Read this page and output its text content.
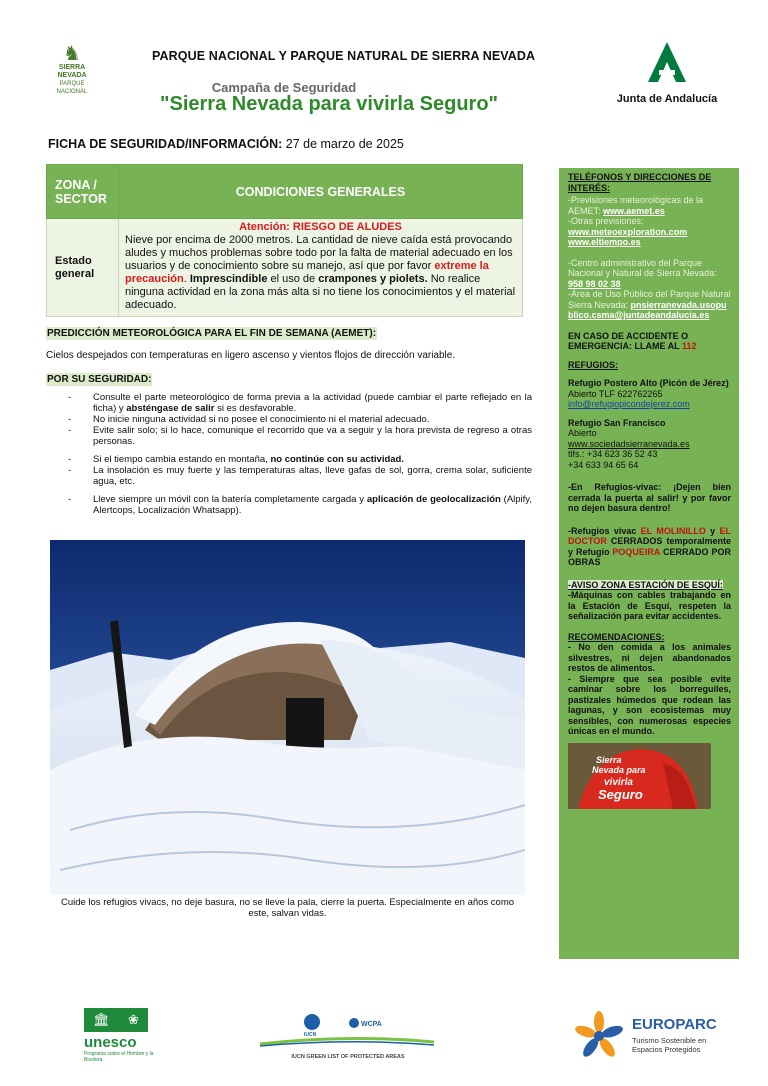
♞
SIERRA
NEVADA
PARQUE NACIONAL
PARQUE NACIONAL Y PARQUE NATURAL DE SIERRA NEVADA
Campaña de Seguridad
"Sierra Nevada para vivirla Seguro"	Junta de Andalucía
FICHA DE SEGURIDAD/INFORMACIÓN: 27 de marzo de 2025
ZONA /
SECTOR	CONDICIONES GENERALES
Estado
general	Atención: RIESGO DE ALUDES
Nieve por encima de 2000 metros. La cantidad de nieve caída está provocando aludes y muchos problemas sobre todo por la falta de material adecuado en los usuarios y de conocimiento sobre su manejo, así que por favor extreme la precaución. Imprescindible el uso de crampones y piolets. No realice ninguna actividad en la zona más alta si no tiene los conocimientos y el material adecuado.
PREDICCIÓN METEOROLÓGICA PARA EL FIN DE SEMANA (AEMET):
Cielos despejados con temperaturas en ligero ascenso y vientos flojos de dirección variable.
POR SU SEGURIDAD:
- Consulte el parte meteorológico de forma previa a la actividad (puede cambiar el parte reflejado en la ficha) y absténgase de salir si es desfavorable.
- No inicie ninguna actividad si no posee el conocimiento ni el material adecuado.
- Evite salir solo; si lo hace, comunique el recorrido que va a seguir y la hora prevista de regreso a otras personas.
- Si el tiempo cambia estando en montaña, no continúe con su actividad.
- La insolación es muy fuerte y las temperaturas altas, lleve gafas de sol, gorra, crema solar, suficiente agua, etc.
- Lleve siempre un móvil con la batería completamente cargada y aplicación de geolocalización (Alpify, Alertcops, Localización Whatsapp).
Cuide los refugios vivacs, no deje basura, no se lleve la pala, cierre la puerta. Especialmente en años como este, salvan vidas.
TELÉFONOS Y DIRECCIONES DE INTERÉS:
-Previsiones meteorológicas de la AEMET: www.aemet.es
-Otras previsiones:
www.meteoexploration.com
www.eltiempo.es
-Centro administrativo del Parque Nacional y Natural de Sierra Nevada: 958 98 02 38
-Área de Uso Público del Parque Natural Sierra Nevada: pnsierranevada.usopublico.csma@juntadeandalucia.es
EN CASO DE ACCIDENTE O EMERGENCIA: LLAME AL 112
REFUGIOS:
Refugio Postero Alto (Picón de Jérez)
Abierto TLF 622762265
info@refugiopicondejerez.com
Refugio San Francisco
Abierto
www.sociedadsierranevada.es
tlfs.: +34 623 36 52 43
+34 633 94 65 64
-En Refugios-vivac: ¡Dejen bien cerrada la puerta al salir! y por favor no dejen basura dentro!
-Refugios vivac EL MOLINILLO y EL DOCTOR CERRADOS temporalmente y Refugio POQUEIRA CERRADO POR OBRAS
-AVISO ZONA ESTACIÓN DE ESQUÍ:
-Máquinas con cables trabajando en la Estación de Esquí, respeten la señalización para evitar accidentes.
RECOMENDACIONES:
- No den comida a los animales silvestres, ni dejen abandonados restos de alimentos.
- Siempre que sea posible evite caminar sobre los borreguiles, pastizales húmedos que rodean las lagunas, y son ecosistemas muy sensibles, con numerosas especies únicas en el mundo.
Sierra
Nevada para
vivirla
Seguro
🏛 ❀
unesco
Programa sobre el Hombre y la Biosfera
IUCN
WCPA
IUCN GREEN LIST OF PROTECTED AREAS
EUROPARC
Turismo Sostenible en Espacios Protegidos
